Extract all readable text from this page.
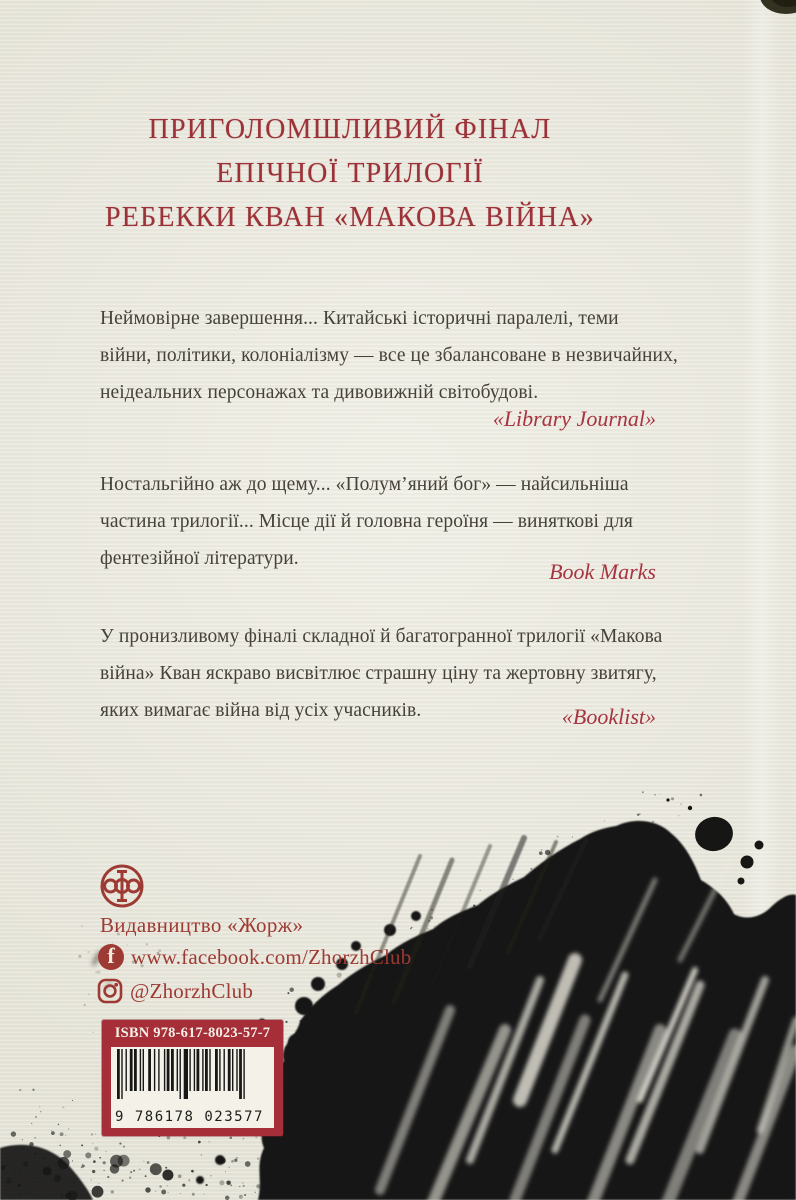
ПРИГОЛОМШЛИВИЙ ФІНАЛ
ЕПІЧНОЇ ТРИЛОГІЇ
РЕБЕККИ КВАН «МАКОВА ВІЙНА»
Неймовірне завершення... Китайські історичні паралелі, теми
війни, політики, колоніалізму — все це збалансоване в незвичайних,
неідеальних персонажах та дивовижній світобудові.
«Library Journal»
Ностальгійно аж до щему... «Полум’яний бог» — найсильніша
частина трилогії... Місце дії й головна героїня — виняткові для
фентезійної літератури.
Book Marks
У пронизливому фіналі складної й багатогранної трилогії «Макова
війна» Кван яскраво висвітлює страшну ціну та жертовну звитягу,
яких вимагає війна від усіх учасників.	«Booklist»
Видавництво «Жорж»
f www.facebook.com/ZhorzhClub
@ZhorzhClub
ISBN 978-617-8023-57-7
9 786178 023577
